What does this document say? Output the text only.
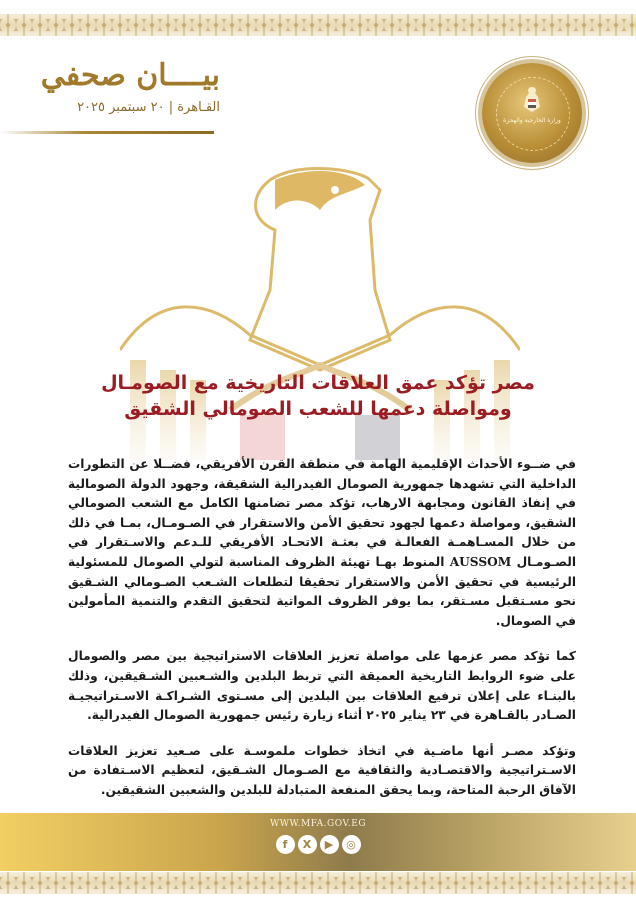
بيــــان صحفي
القـاهرة | ٢٠ سبتمبر ٢٠٢٥
وزارة الخارجية والهجرة
مصر تؤكد عمق العلاقات التاريخية مع الصومـال
ومواصلة دعمها للشعب الصومالي الشقيق

في ضــوء الأحداث الإقليمية الهامة في منطقة القرن الأفريقي، فضــلا عن التطورات الداخلية التي تشهدها جمهورية الصومال الفيدرالية الشقيقة، وجهود الدولة الصومالية في إنفاذ القانون ومجابهة الارهاب، تؤكد مصر تضامنها الكامل مع الشعب الصومالي الشقيق، ومواصلة دعمها لجهود تحقيق الأمن والاستقرار في الصـومـال، بمـا في ذلك من خلال المسـاهمـة الفعالـة في بعثـة الاتحـاد الأفريقي للـدعم والاسـتقرار في الصـومـال AUSSOM المنوط بهـا تهيئة الظروف المناسبة لتولي الصومال للمسئولية الرئيسية في تحقيق الأمن والاستقرار تحقيقا لتطلعات الشـعب الصـومالي الشـقيق نحو مسـتقبل مسـتقر، بما يوفر الظروف المواتية لتحقيق التقدم والتنمية المأمولين في الصومال.

كما تؤكد مصر عزمها على مواصلة تعزيز العلاقات الاستراتيجية بين مصر والصومال على ضوء الروابط التاريخية العميقة التي تربط البلدين والشـعبين الشـقيقين، وذلك بالبنـاء على إعلان ترفيع العلاقات بين البلدين إلى مسـتوى الشـراكـة الاسـتراتيجيـة الصـادر بالقـاهرة في ٢٣ يناير ٢٠٢٥ أثناء زيارة رئيس جمهورية الصومال الفيدرالية.

وتؤكد مصـر أنها ماضـية في اتخاذ خطوات ملموسـة على صـعيد تعزيز العلاقات الاسـتراتيجية والاقتصـادية والثقافية مع الصـومال الشـقيق، لتعظيم الاسـتفادة من الآفاق الرحبة المتاحة، وبما يحقق المنفعة المتبادلة للبلدين والشعبين الشقيقين.

WWW.MFA.GOV.EG
f	X	▶	◎
